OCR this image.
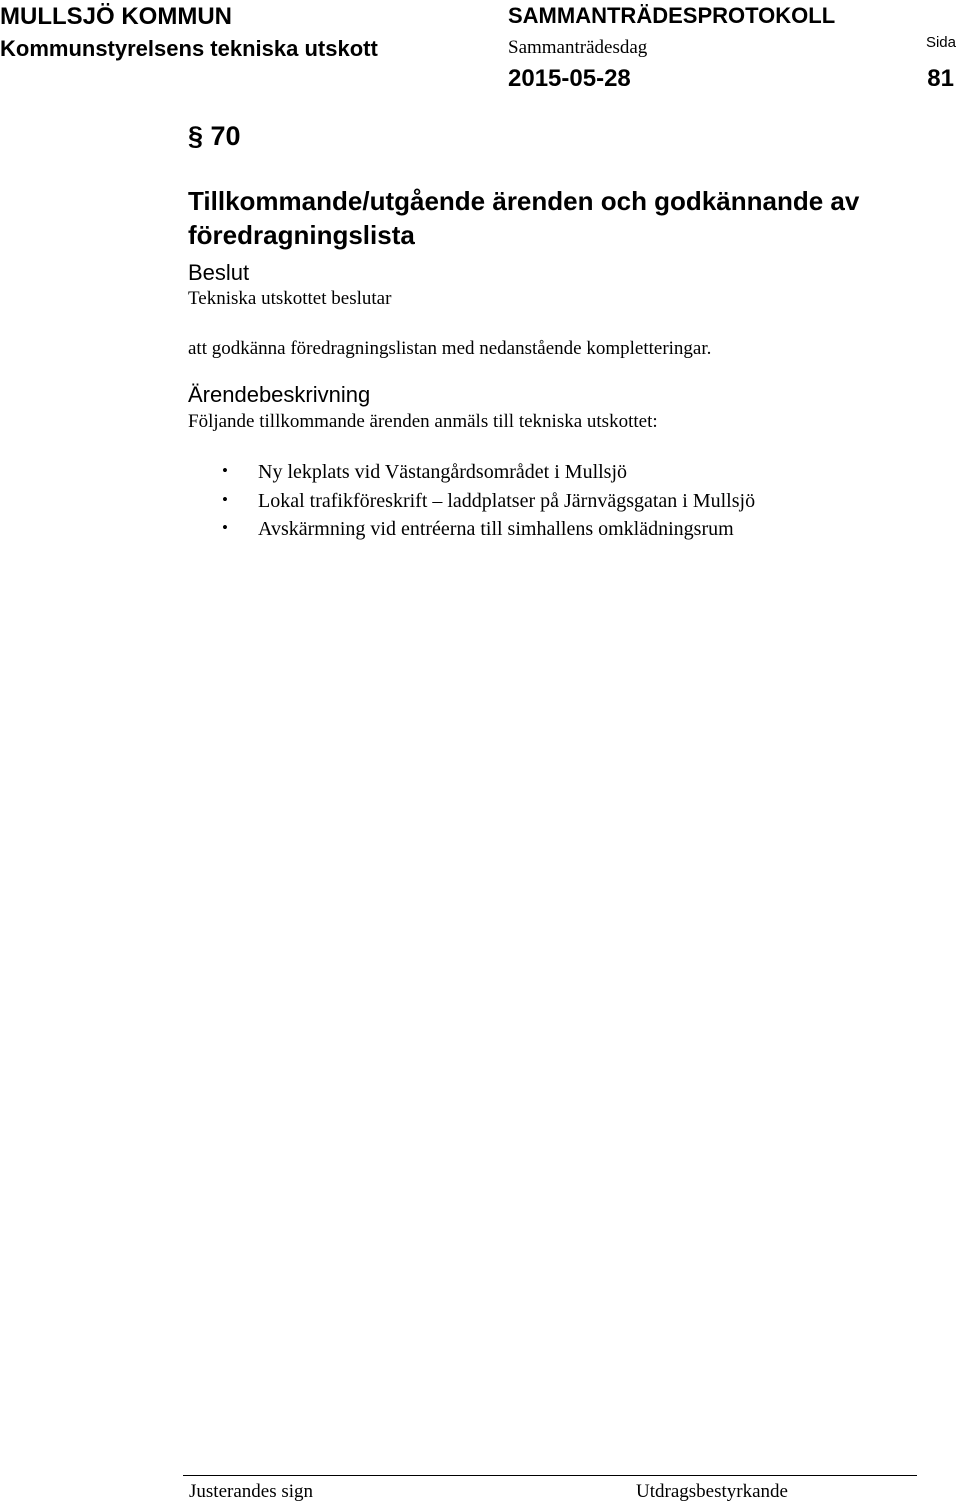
MULLSJÖ KOMMUN
Kommunstyrelsens tekniska utskott
SAMMANTRÄDESPROTOKOLL
Sammanträdesdag
2015-05-28
Sida
81
§ 70
Tillkommande/utgående ärenden och godkännande av föredragningslista
Beslut
Tekniska utskottet beslutar
att godkänna föredragningslistan med nedanstående kompletteringar.
Ärendebeskrivning
Följande tillkommande ärenden anmäls till tekniska utskottet:
• Ny lekplats vid Västangårdsområdet i Mullsjö
• Lokal trafikföreskrift – laddplatser på Järnvägsgatan i Mullsjö
• Avskärmning vid entréerna till simhallens omklädningsrum
Justerandes sign	Utdragsbestyrkande
